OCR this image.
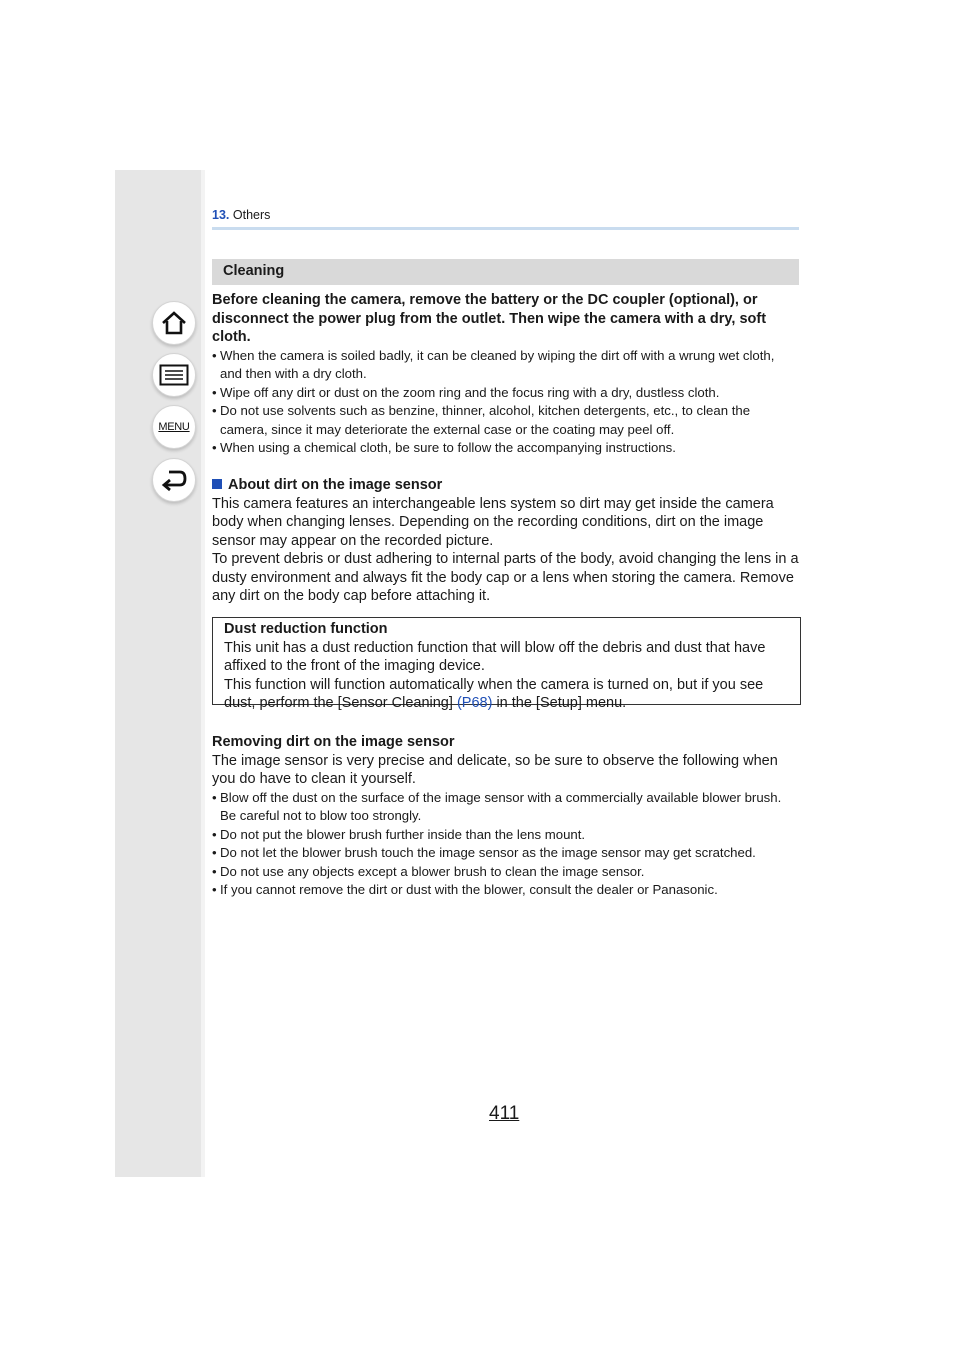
MENU
13. Others
Cleaning

Before cleaning the camera, remove the battery or the DC coupler (optional), or disconnect the power plug from the outlet. Then wipe the camera with a dry, soft cloth.

• When the camera is soiled badly, it can be cleaned by wiping the dirt off with a wrung wet cloth, and then with a dry cloth.
• Wipe off any dirt or dust on the zoom ring and the focus ring with a dry, dustless cloth.
• Do not use solvents such as benzine, thinner, alcohol, kitchen detergents, etc., to clean the camera, since it may deteriorate the external case or the coating may peel off.
• When using a chemical cloth, be sure to follow the accompanying instructions.

About dirt on the image sensor

This camera features an interchangeable lens system so dirt may get inside the camera body when changing lenses. Depending on the recording conditions, dirt on the image sensor may appear on the recorded picture.

To prevent debris or dust adhering to internal parts of the body, avoid changing the lens in a dusty environment and always fit the body cap or a lens when storing the camera. Remove any dirt on the body cap before attaching it.

Dust reduction function
This unit has a dust reduction function that will blow off the debris and dust that have affixed to the front of the imaging device.
This function will function automatically when the camera is turned on, but if you see dust, perform the [Sensor Cleaning] (P68) in the [Setup] menu.

Removing dirt on the image sensor

The image sensor is very precise and delicate, so be sure to observe the following when you do have to clean it yourself.

• Blow off the dust on the surface of the image sensor with a commercially available blower brush. Be careful not to blow too strongly.
• Do not put the blower brush further inside than the lens mount.
• Do not let the blower brush touch the image sensor as the image sensor may get scratched.
• Do not use any objects except a blower brush to clean the image sensor.
• If you cannot remove the dirt or dust with the blower, consult the dealer or Panasonic.
411
